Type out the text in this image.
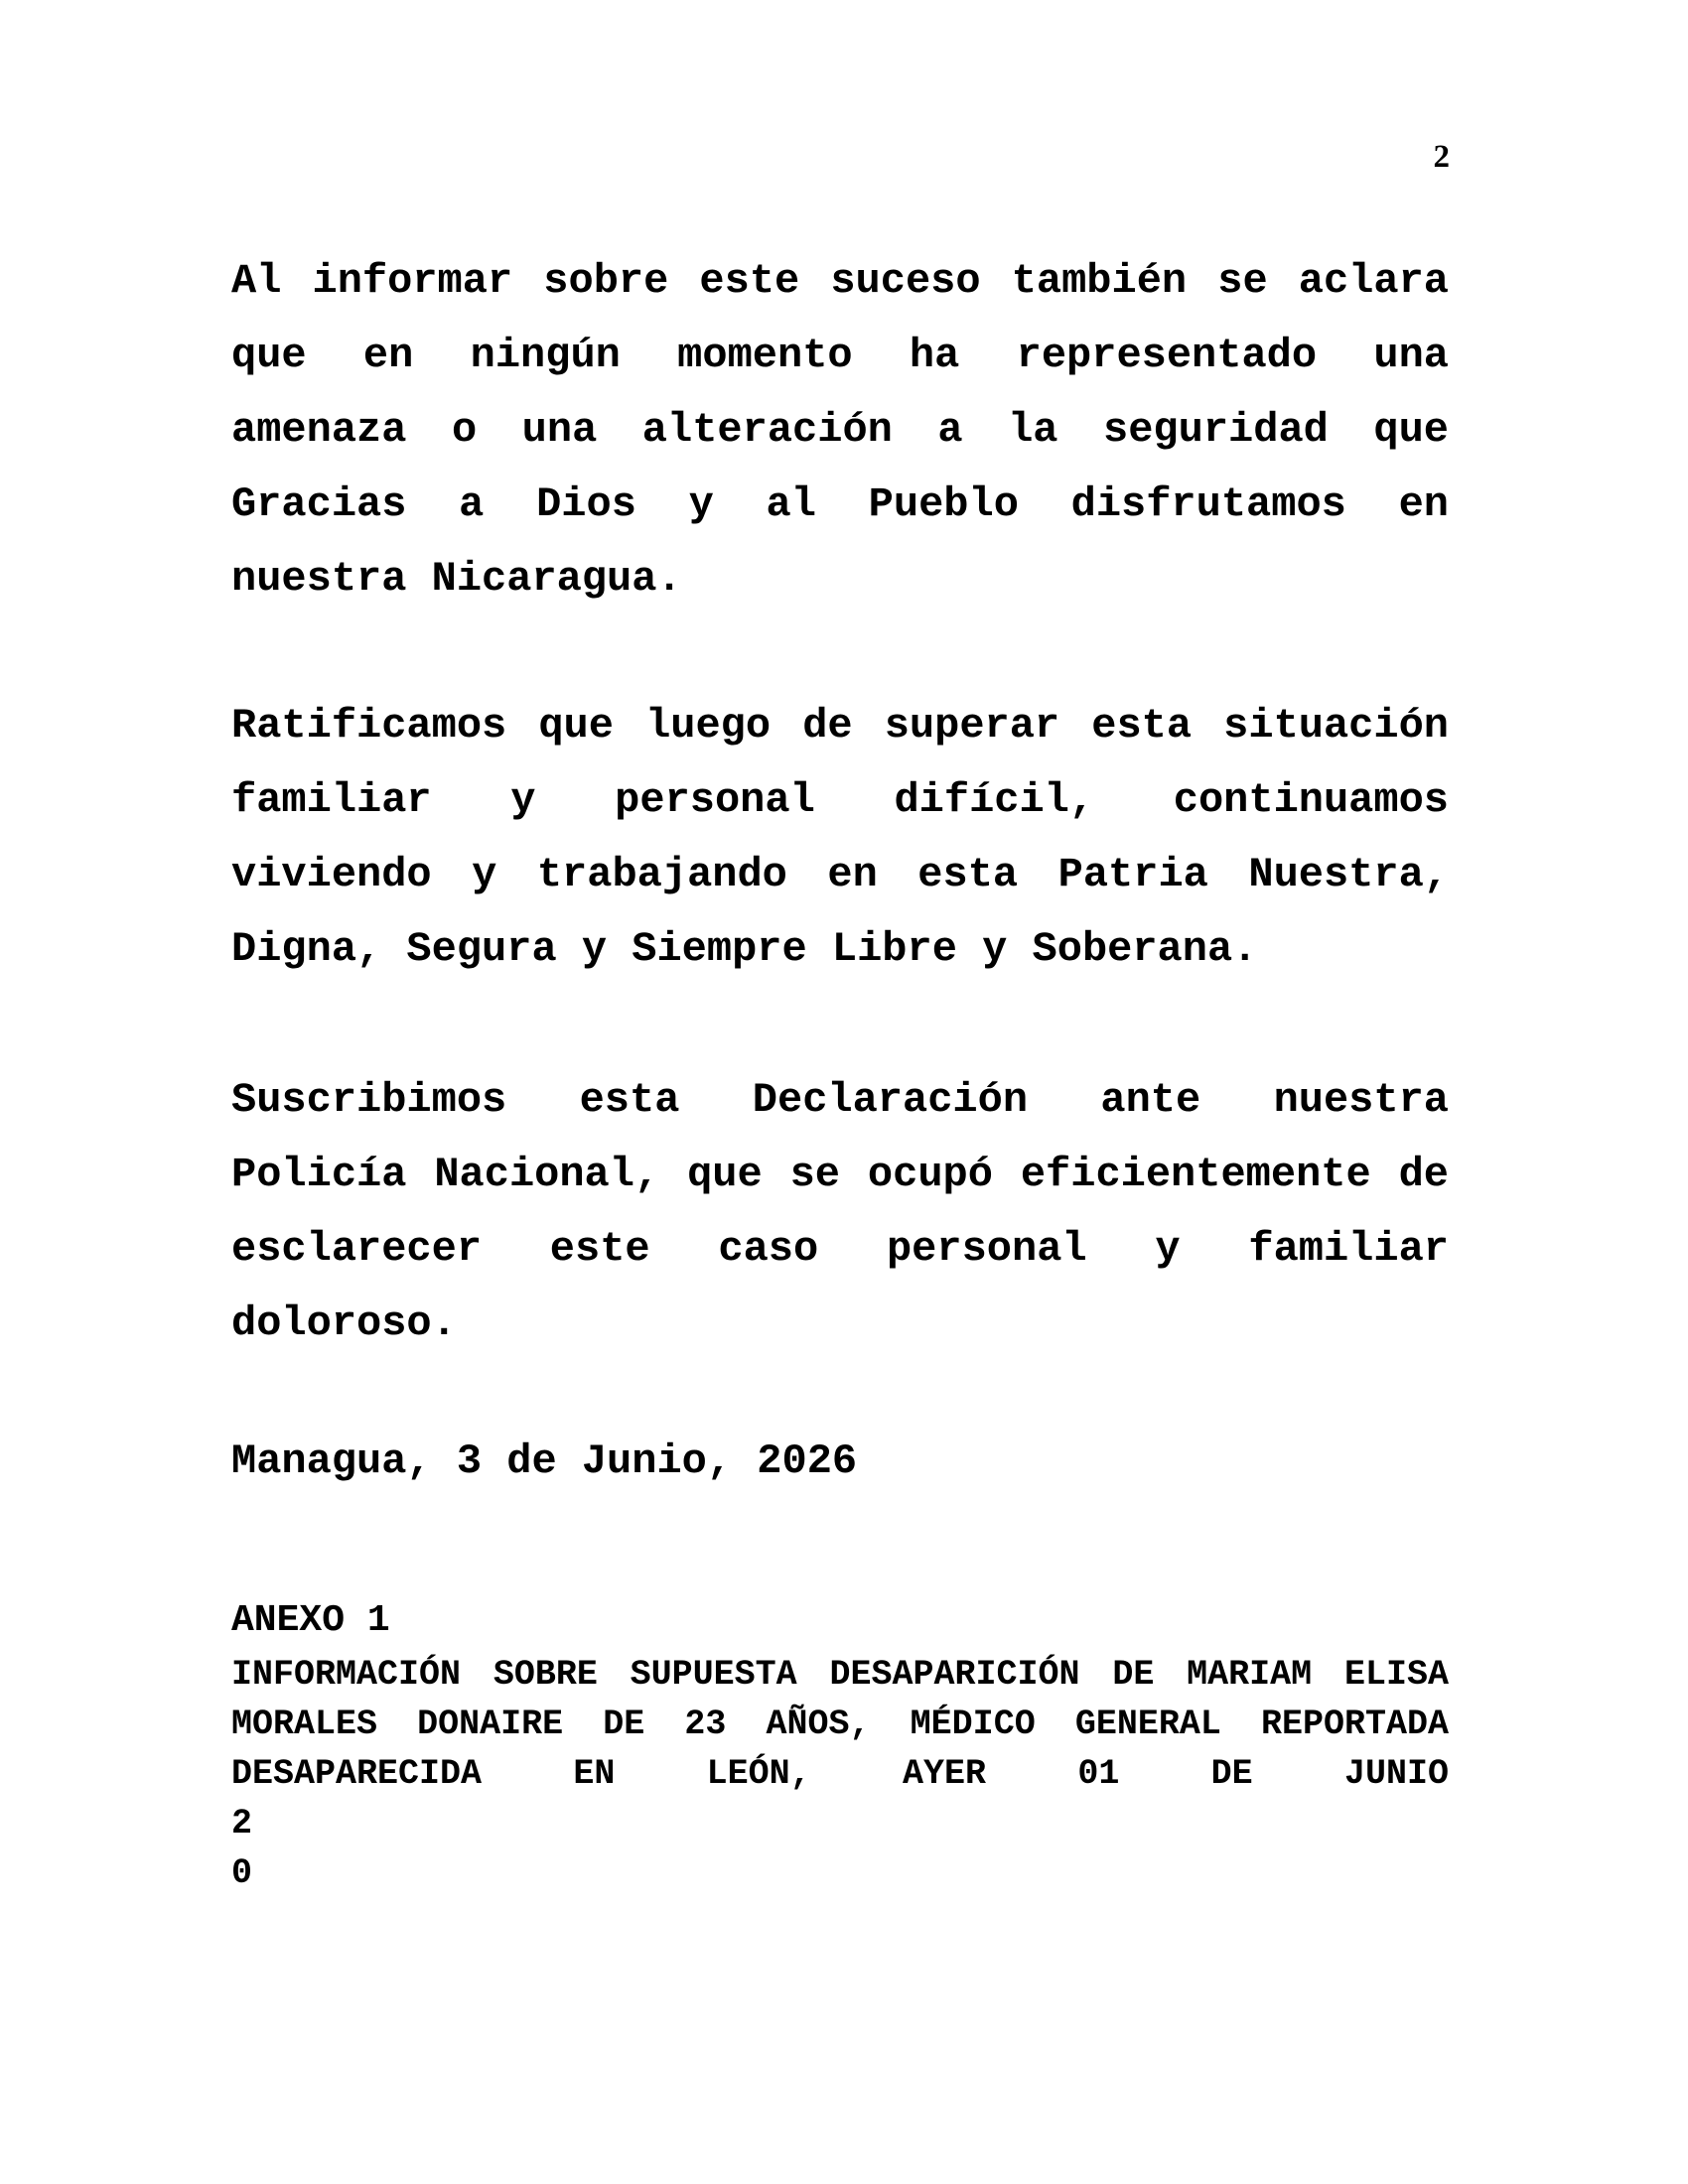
2

Al informar sobre este suceso también se aclara que en ningún momento ha representado una amenaza o una alteración a la seguridad que Gracias a Dios y al Pueblo disfrutamos en nuestra Nicaragua.

Ratificamos que luego de superar esta situación familiar y personal difícil, continuamos viviendo y trabajando en esta Patria Nuestra, Digna, Segura y Siempre Libre y Soberana.

Suscribimos esta Declaración ante nuestra Policía Nacional, que se ocupó eficientemente de esclarecer este caso personal y familiar doloroso.

Managua, 3 de Junio, 2026

ANEXO 1

INFORMACIÓN SOBRE SUPUESTA DESAPARICIÓN DE MARIAM ELISA MORALES DONAIRE DE 23 AÑOS, MÉDICO GENERAL REPORTADA DESAPARECIDA EN LEÓN, AYER 01 DE JUNIO

2

0
